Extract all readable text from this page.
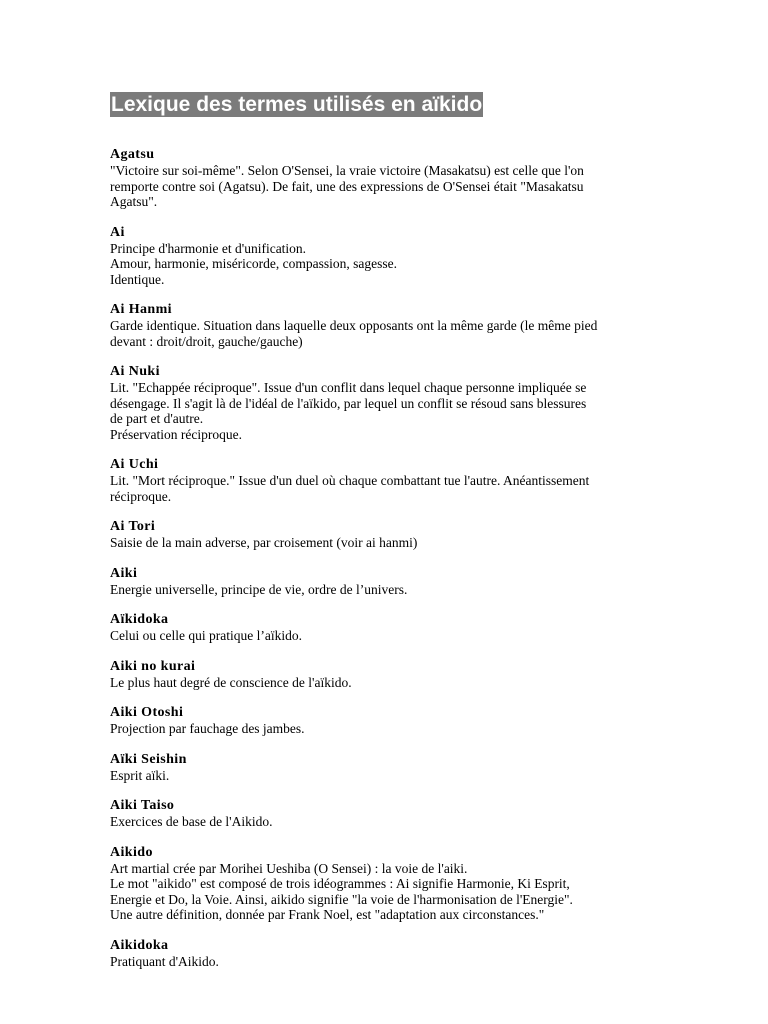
Lexique des termes utilisés en aïkido
Agatsu
"Victoire sur soi-même". Selon O'Sensei, la vraie victoire (Masakatsu) est celle que l'on
remporte contre soi (Agatsu). De fait, une des expressions de O'Sensei était "Masakatsu
Agatsu".
Ai
Principe d'harmonie et d'unification.
Amour, harmonie, miséricorde, compassion, sagesse.
Identique.
Ai Hanmi
Garde identique. Situation dans laquelle deux opposants ont la même garde (le même pied
devant : droit/droit, gauche/gauche)
Ai Nuki
Lit. "Echappée réciproque". Issue d'un conflit dans lequel chaque personne impliquée se
désengage. Il s'agit là de l'idéal de l'aïkido, par lequel un conflit se résoud sans blessures
de part et d'autre.
Préservation réciproque.
Ai Uchi
Lit. "Mort réciproque." Issue d'un duel où chaque combattant tue l'autre. Anéantissement
réciproque.
Ai Tori
Saisie de la main adverse, par croisement (voir ai hanmi)
Aiki
Energie universelle, principe de vie, ordre de l’univers.
Aïkidoka
Celui ou celle qui pratique l’aïkido.
Aiki no kurai
Le plus haut degré de conscience de l'aïkido.
Aiki Otoshi
Projection par fauchage des jambes.
Aïki Seishin
Esprit aïki.
Aiki Taiso
Exercices de base de l'Aikido.
Aikido
Art martial crée par Morihei Ueshiba (O Sensei) : la voie de l'aiki.
Le mot "aikido" est composé de trois idéogrammes : Ai signifie Harmonie, Ki Esprit,
Energie et Do, la Voie. Ainsi, aikido signifie "la voie de l'harmonisation de l'Energie".
Une autre définition, donnée par Frank Noel, est "adaptation aux circonstances."
Aikidoka
Pratiquant d'Aikido.
